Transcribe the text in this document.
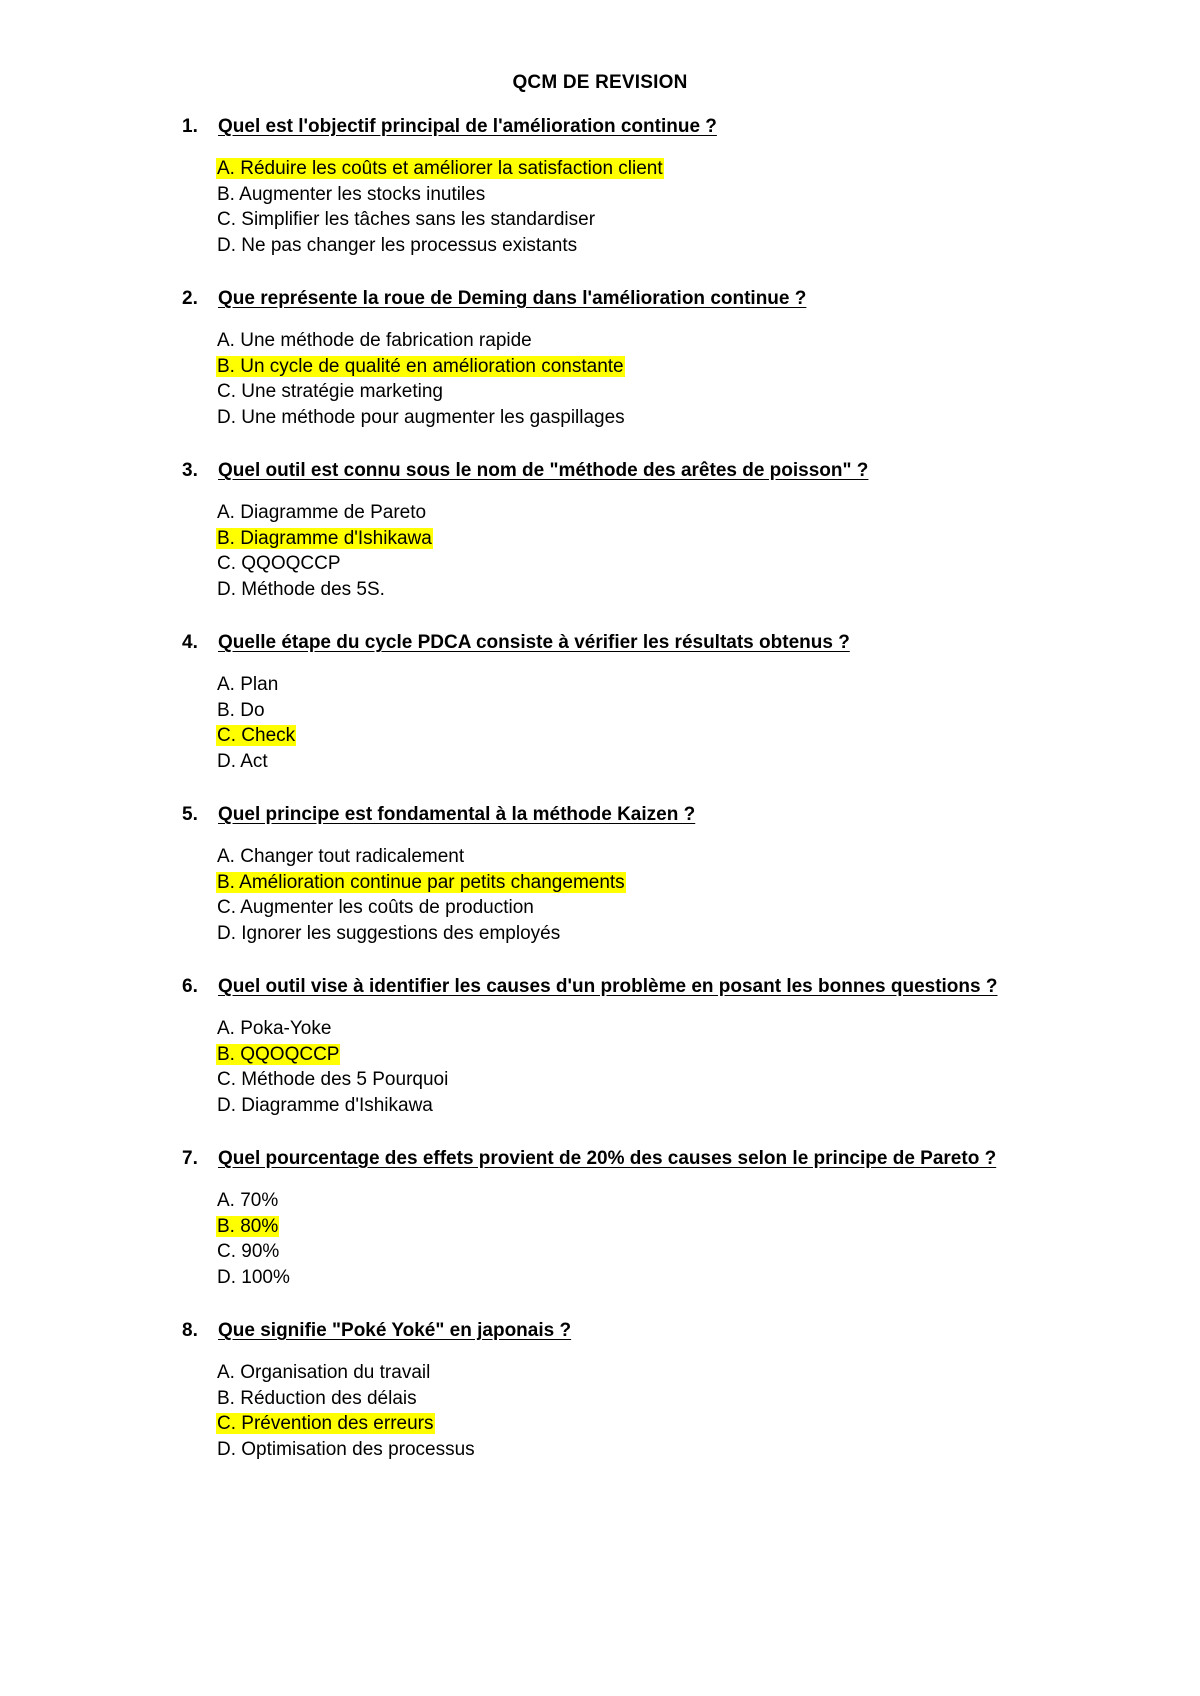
QCM DE REVISION
1.	Quel est l'objectif principal de l'amélioration continue ?
A. Réduire les coûts et améliorer la satisfaction client
B. Augmenter les stocks inutiles
C. Simplifier les tâches sans les standardiser
D. Ne pas changer les processus existants
2.	Que représente la roue de Deming dans l'amélioration continue ?
A. Une méthode de fabrication rapide
B. Un cycle de qualité en amélioration constante
C. Une stratégie marketing
D. Une méthode pour augmenter les gaspillages
3.	Quel outil est connu sous le nom de "méthode des arêtes de poisson" ?
A. Diagramme de Pareto
B. Diagramme d'Ishikawa
C. QQOQCCP
D. Méthode des 5S.
4.	Quelle étape du cycle PDCA consiste à vérifier les résultats obtenus ?
A. Plan
B. Do
C. Check
D. Act
5.	Quel principe est fondamental à la méthode Kaizen ?
A. Changer tout radicalement
B. Amélioration continue par petits changements
C. Augmenter les coûts de production
D. Ignorer les suggestions des employés
6.	Quel outil vise à identifier les causes d'un problème en posant les bonnes questions ?
A. Poka-Yoke
B. QQOQCCP
C. Méthode des 5 Pourquoi
D. Diagramme d'Ishikawa
7.	Quel pourcentage des effets provient de 20% des causes selon le principe de Pareto ?
A. 70%
B. 80%
C. 90%
D. 100%
8.	Que signifie "Poké Yoké" en japonais ?
A. Organisation du travail
B. Réduction des délais
C. Prévention des erreurs
D. Optimisation des processus
